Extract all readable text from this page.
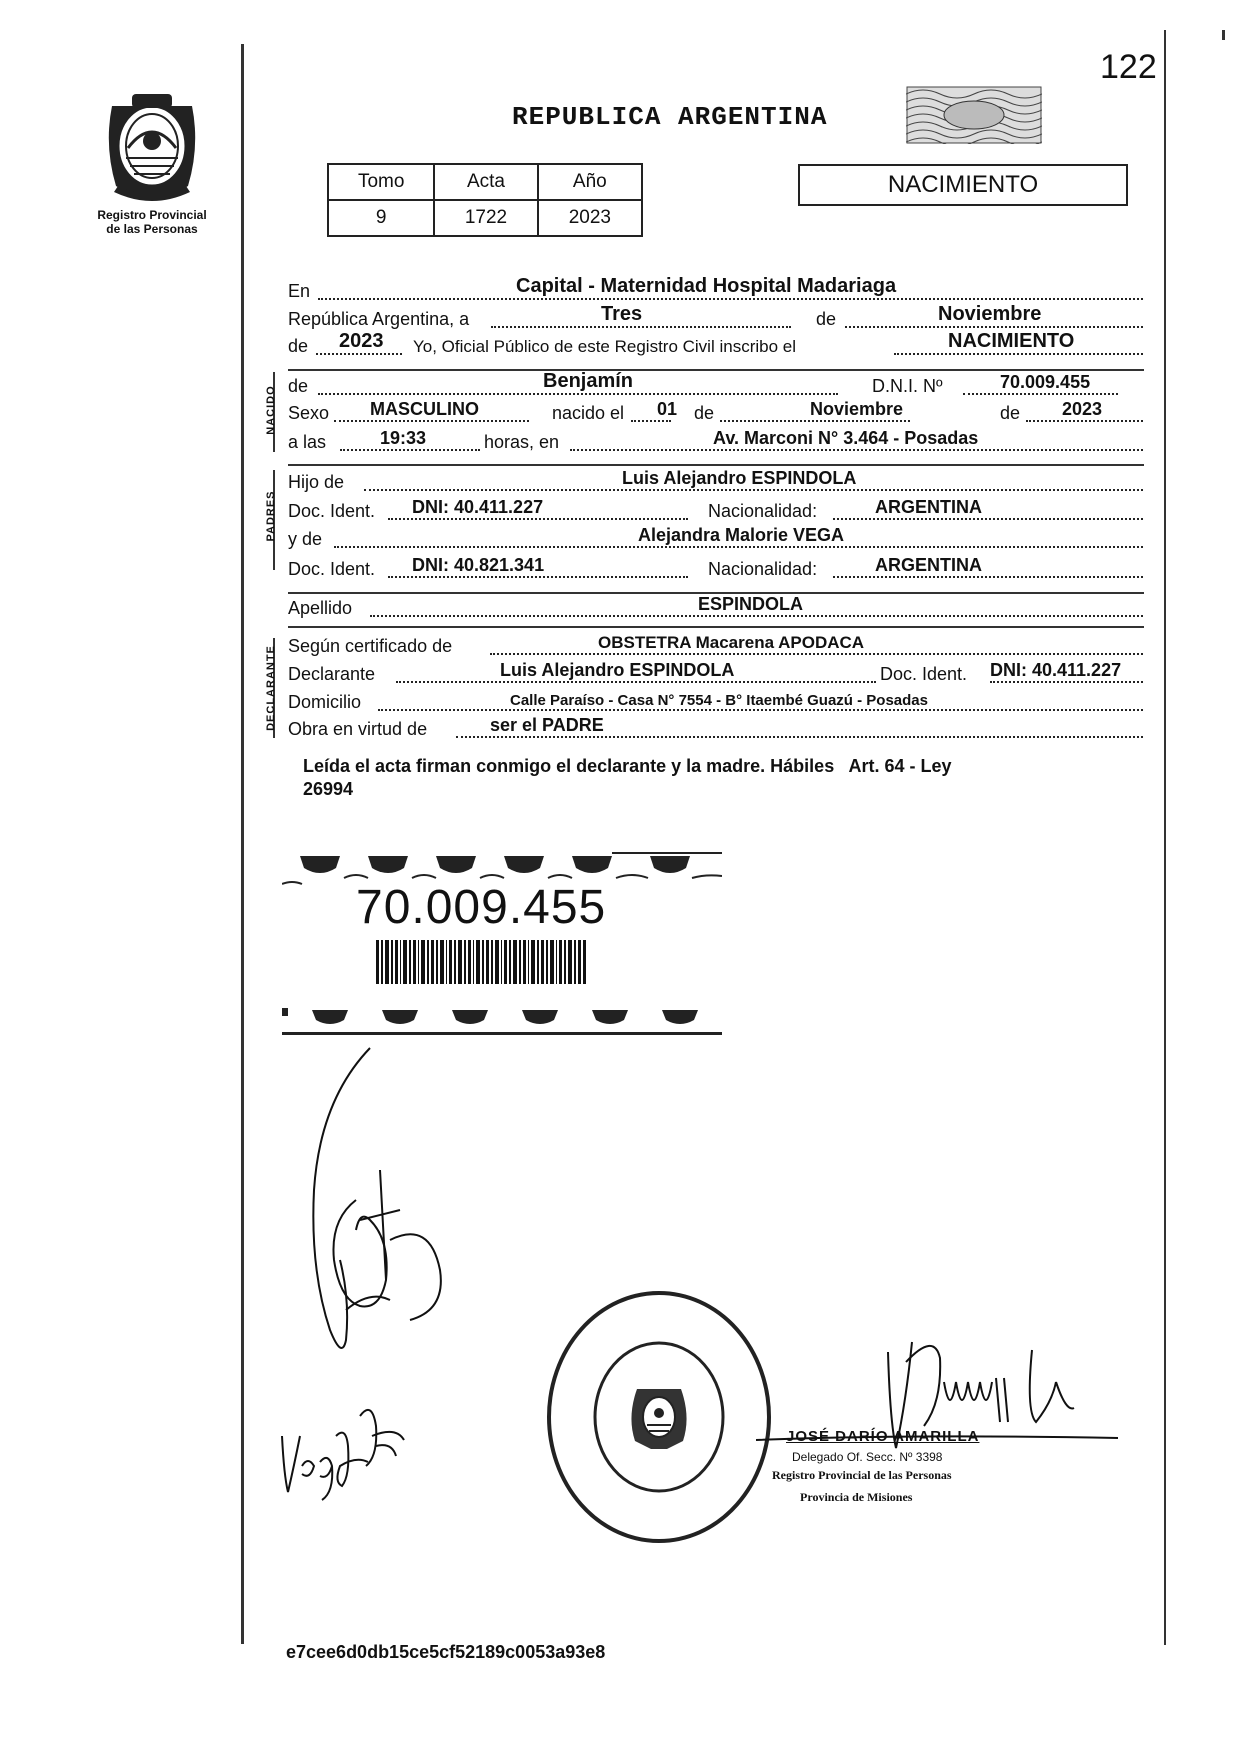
122
Registro Provincial
de las Personas
REPUBLICA ARGENTINA
Tomo	Acta	Año
9	1722	2023
NACIMIENTO
NACIDO
PADRES
DECLARANTE
En	Capital - Maternidad Hospital Madariaga
República Argentina, a	Tres	de	Noviembre
de 2023 Yo, Oficial Público de este Registro Civil inscribo el	NACIMIENTO
de	Benjamín	D.N.I. Nº	70.009.455
Sexo MASCULINO	nacido el 01 de	Noviembre	de 2023
a las	19:33	horas, en	Av. Marconi N° 3.464 - Posadas
Hijo de	Luis Alejandro ESPINDOLA
Doc. Ident. DNI: 40.411.227	Nacionalidad:	ARGENTINA
y de	Alejandra Malorie VEGA
Doc. Ident. DNI: 40.821.341	Nacionalidad:	ARGENTINA
Apellido	ESPINDOLA
Según certificado de	OBSTETRA Macarena APODACA
Declarante	Luis Alejandro ESPINDOLA	Doc. Ident. DNI: 40.411.227
Domicilio	Calle Paraíso - Casa N° 7554 - B° Itaembé Guazú - Posadas
Obra en virtud de	ser el PADRE
Leída el acta firman conmigo el declarante y la madre. Hábiles   Art. 64 - Ley
26994
70.009.455
JOSÉ DARÍO AMARILLA
Delegado Of. Secc. Nº 3398
Registro Provincial de las Personas
Provincia de Misiones
e7cee6d0db15ce5cf52189c0053a93e8
